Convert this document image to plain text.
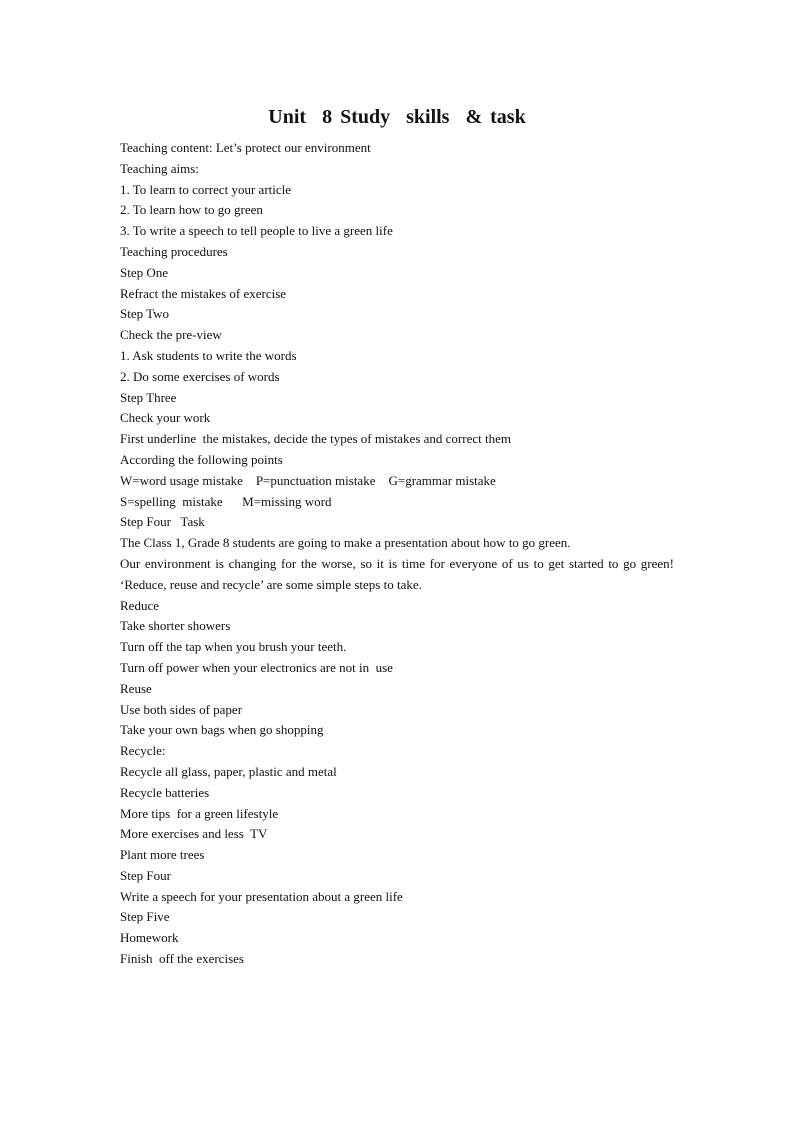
Unit  8 Study  skills  & task
Teaching content: Let’s protect our environment
Teaching aims:
1. To learn to correct your article
2. To learn how to go green
3. To write a speech to tell people to live a green life
Teaching procedures
Step One
Refract the mistakes of exercise
Step Two
Check the pre-view
1. Ask students to write the words
2. Do some exercises of words
Step Three
Check your work
First underline  the mistakes, decide the types of mistakes and correct them
According the following points
W=word usage mistake    P=punctuation mistake    G=grammar mistake
S=spelling  mistake      M=missing word
Step Four   Task
The Class 1, Grade 8 students are going to make a presentation about how to go green.
Our environment is changing for the worse, so it is time for everyone of us to get started to go green! ‘Reduce, reuse and recycle’ are some simple steps to take.
Reduce
Take shorter showers
Turn off the tap when you brush your teeth.
Turn off power when your electronics are not in  use
Reuse
Use both sides of paper
Take your own bags when go shopping
Recycle:
Recycle all glass, paper, plastic and metal
Recycle batteries
More tips  for a green lifestyle
More exercises and less  TV
Plant more trees
Step Four
Write a speech for your presentation about a green life
Step Five
Homework
Finish  off the exercises
